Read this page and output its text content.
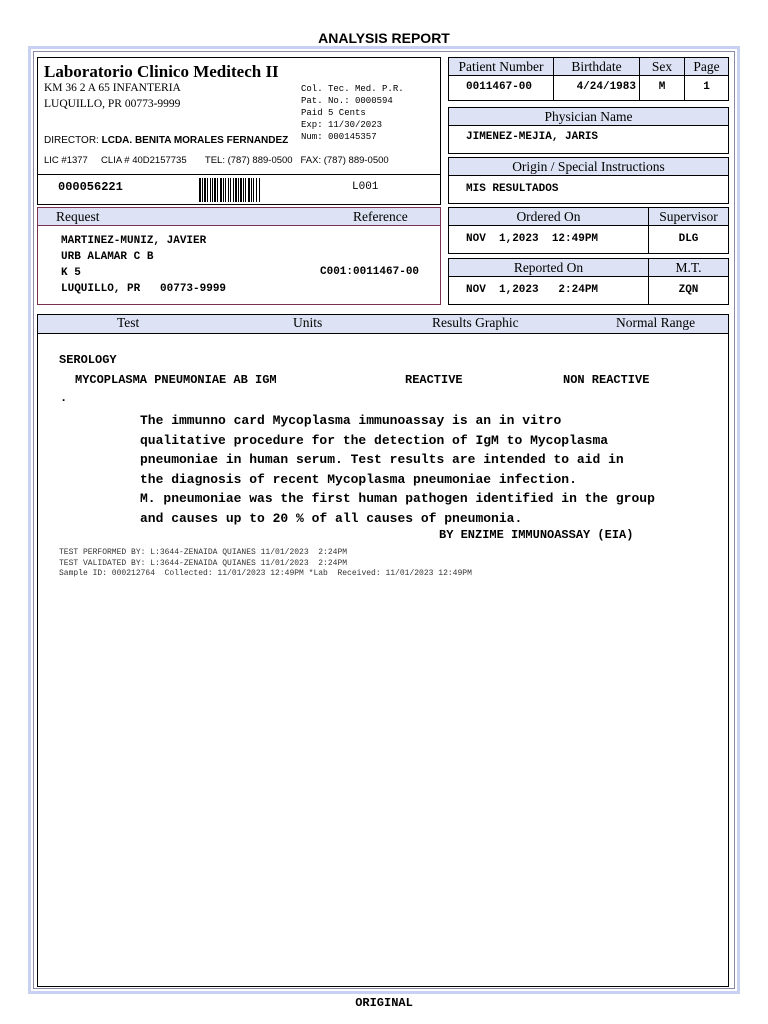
ANALYSIS REPORT
Laboratorio Clinico Meditech II
KM 36 2 A 65 INFANTERIA
LUQUILLO, PR 00773-9999
DIRECTOR: LCDA. BENITA MORALES FERNANDEZ
LIC #1377     CLIA # 40D2157735       TEL: (787) 889-0500   FAX: (787) 889-0500
Col. Tec. Med. P.R.
Pat. No.: 0000594
Paid 5 Cents
Exp: 11/30/2023
Num: 000145357
000056221	L001
Patient Number	Birthdate	Sex	Page
0011467-00	4/24/1983	M	1
Physician Name
JIMENEZ-MEJIA, JARIS
Origin / Special Instructions
MIS RESULTADOS
Ordered On	Supervisor
NOV  1,2023  12:49PM	DLG
Reported On	M.T.
NOV  1,2023   2:24PM	ZQN
Request	Reference
MARTINEZ-MUNIZ, JAVIER
URB ALAMAR C B
K 5
LUQUILLO, PR   00773-9999
C001:0011467-00
Test	Units	Results Graphic	Normal Range
SEROLOGY
MYCOPLASMA PNEUMONIAE AB IGM	REACTIVE	NON REACTIVE
.
The immunno card Mycoplasma immunoassay is an in vitro
qualitative procedure for the detection of IgM to Mycoplasma
pneumoniae in human serum. Test results are intended to aid in
the diagnosis of recent Mycoplasma pneumoniae infection.
M. pneumoniae was the first human pathogen identified in the group
and causes up to 20 % of all causes of pneumonia.
BY ENZIME IMMUNOASSAY (EIA)
TEST PERFORMED BY: L:3644-ZENAIDA QUIANES 11/01/2023  2:24PM
TEST VALIDATED BY: L:3644-ZENAIDA QUIANES 11/01/2023  2:24PM
Sample ID: 000212764  Collected: 11/01/2023 12:49PM *Lab  Received: 11/01/2023 12:49PM
ORIGINAL
